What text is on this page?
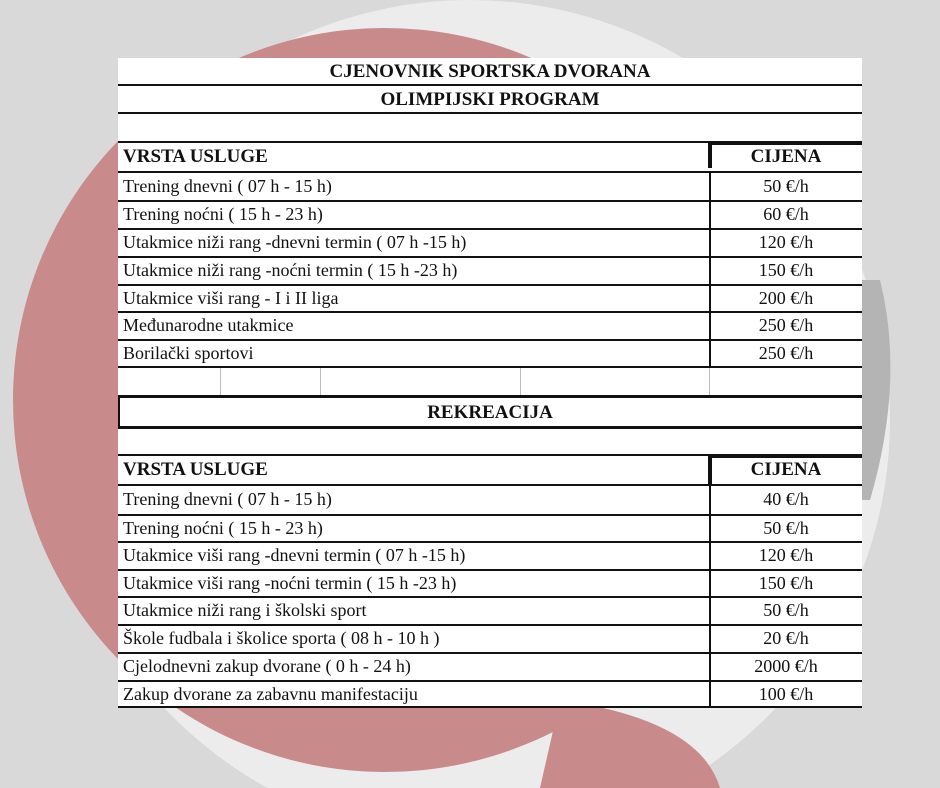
CJENOVNIK SPORTSKA DVORANA
OLIMPIJSKI PROGRAM
VRSTA USLUGE	CIJENA
Trening dnevni ( 07 h - 15 h)	50 €/h
Trening noćni ( 15 h - 23 h)	60 €/h
Utakmice niži rang -dnevni termin ( 07 h -15 h)	120 €/h
Utakmice niži rang -noćni termin ( 15 h -23 h)	150 €/h
Utakmice viši rang - I i II liga	200 €/h
Međunarodne utakmice	250 €/h
Borilački sportovi	250 €/h
REKREACIJA
VRSTA USLUGE	CIJENA
Trening dnevni ( 07 h - 15 h)	40 €/h
Trening noćni ( 15 h - 23 h)	50 €/h
Utakmice viši rang -dnevni termin ( 07 h -15 h)	120 €/h
Utakmice viši rang -noćni termin ( 15 h -23 h)	150 €/h
Utakmice niži rang i školski sport	50 €/h
Škole fudbala i školice sporta ( 08 h - 10 h )	20 €/h
Cjelodnevni zakup dvorane ( 0 h - 24 h)	2000 €/h
Zakup dvorane za zabavnu manifestaciju	100 €/h
